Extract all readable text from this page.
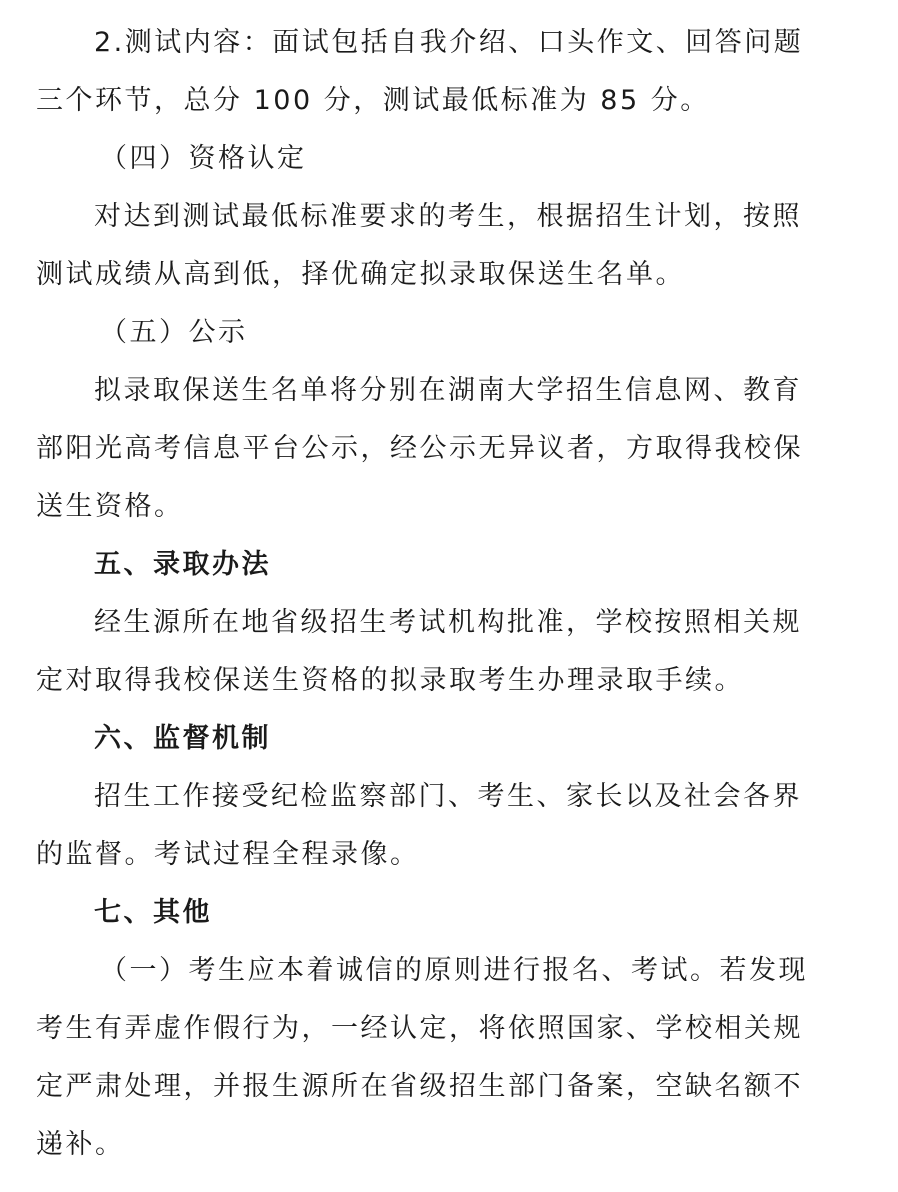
2.测试内容：面试包括自我介绍、口头作文、回答问题
三个环节，总分 100 分，测试最低标准为 85 分。
（四）资格认定
对达到测试最低标准要求的考生，根据招生计划，按照
测试成绩从高到低，择优确定拟录取保送生名单。
（五）公示
拟录取保送生名单将分别在湖南大学招生信息网、教育
部阳光高考信息平台公示，经公示无异议者，方取得我校保
送生资格。
五、录取办法
经生源所在地省级招生考试机构批准，学校按照相关规
定对取得我校保送生资格的拟录取考生办理录取手续。
六、监督机制
招生工作接受纪检监察部门、考生、家长以及社会各界
的监督。考试过程全程录像。
七、其他
（一）考生应本着诚信的原则进行报名、考试。若发现
考生有弄虚作假行为，一经认定，将依照国家、学校相关规
定严肃处理，并报生源所在省级招生部门备案，空缺名额不
递补。
